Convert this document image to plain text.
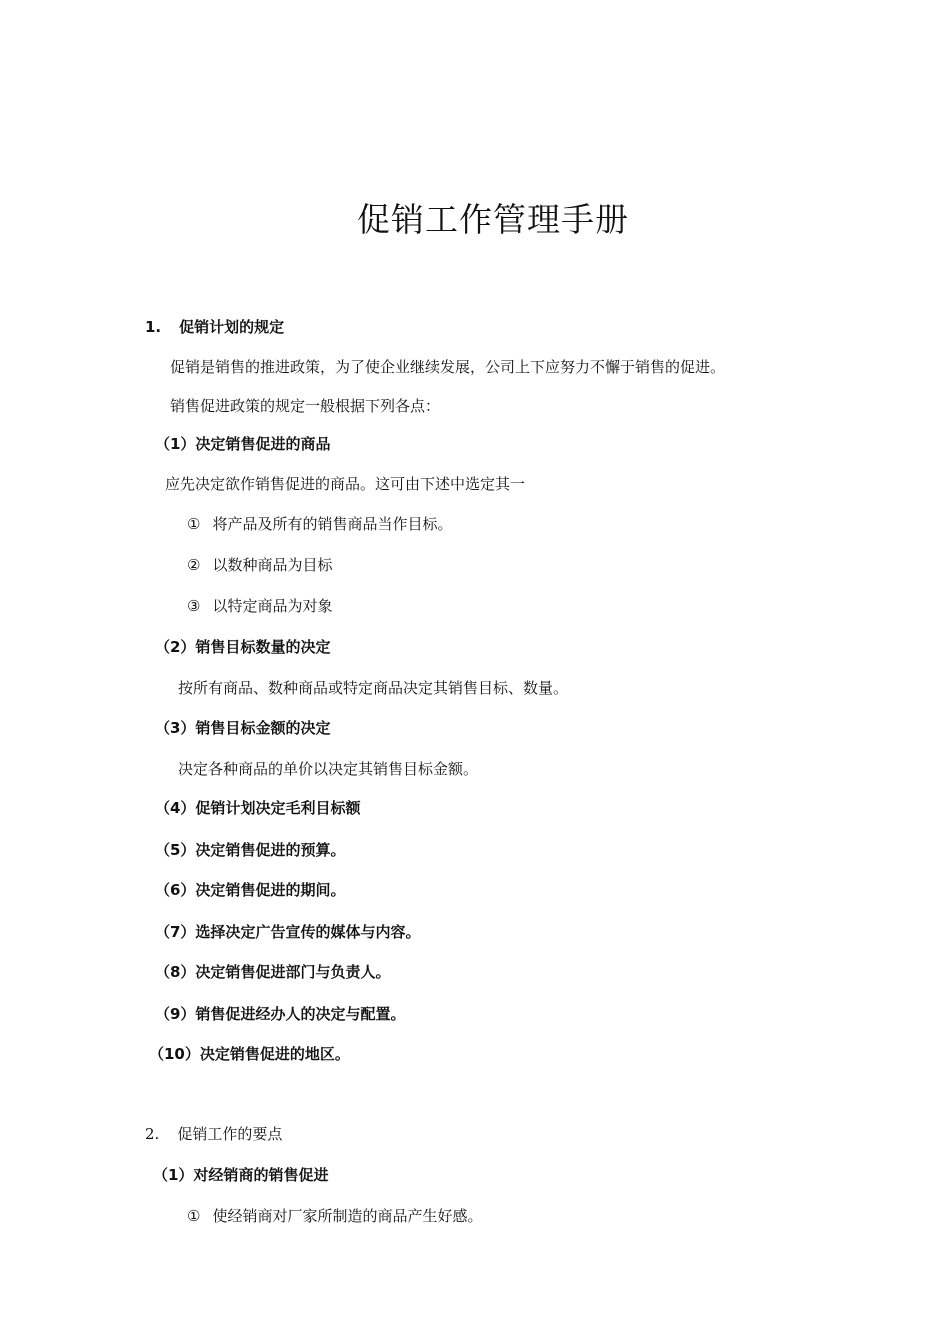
促销工作管理手册
1. 促销计划的规定
促销是销售的推进政策，为了使企业继续发展，公司上下应努力不懈于销售的促进。
销售促进政策的规定一般根据下列各点：
（1）决定销售促进的商品
应先决定欲作销售促进的商品。这可由下述中选定其一
① 将产品及所有的销售商品当作目标。
② 以数种商品为目标
③ 以特定商品为对象
（2）销售目标数量的决定
按所有商品、数种商品或特定商品决定其销售目标、数量。
（3）销售目标金额的决定
决定各种商品的单价以决定其销售目标金额。
（4）促销计划决定毛利目标额
（5）决定销售促进的预算。
（6）决定销售促进的期间。
（7）选择决定广告宣传的媒体与内容。
（8）决定销售促进部门与负责人。
（9）销售促进经办人的决定与配置。
（10）决定销售促进的地区。
2. 促销工作的要点
（1）对经销商的销售促进
① 使经销商对厂家所制造的商品产生好感。
